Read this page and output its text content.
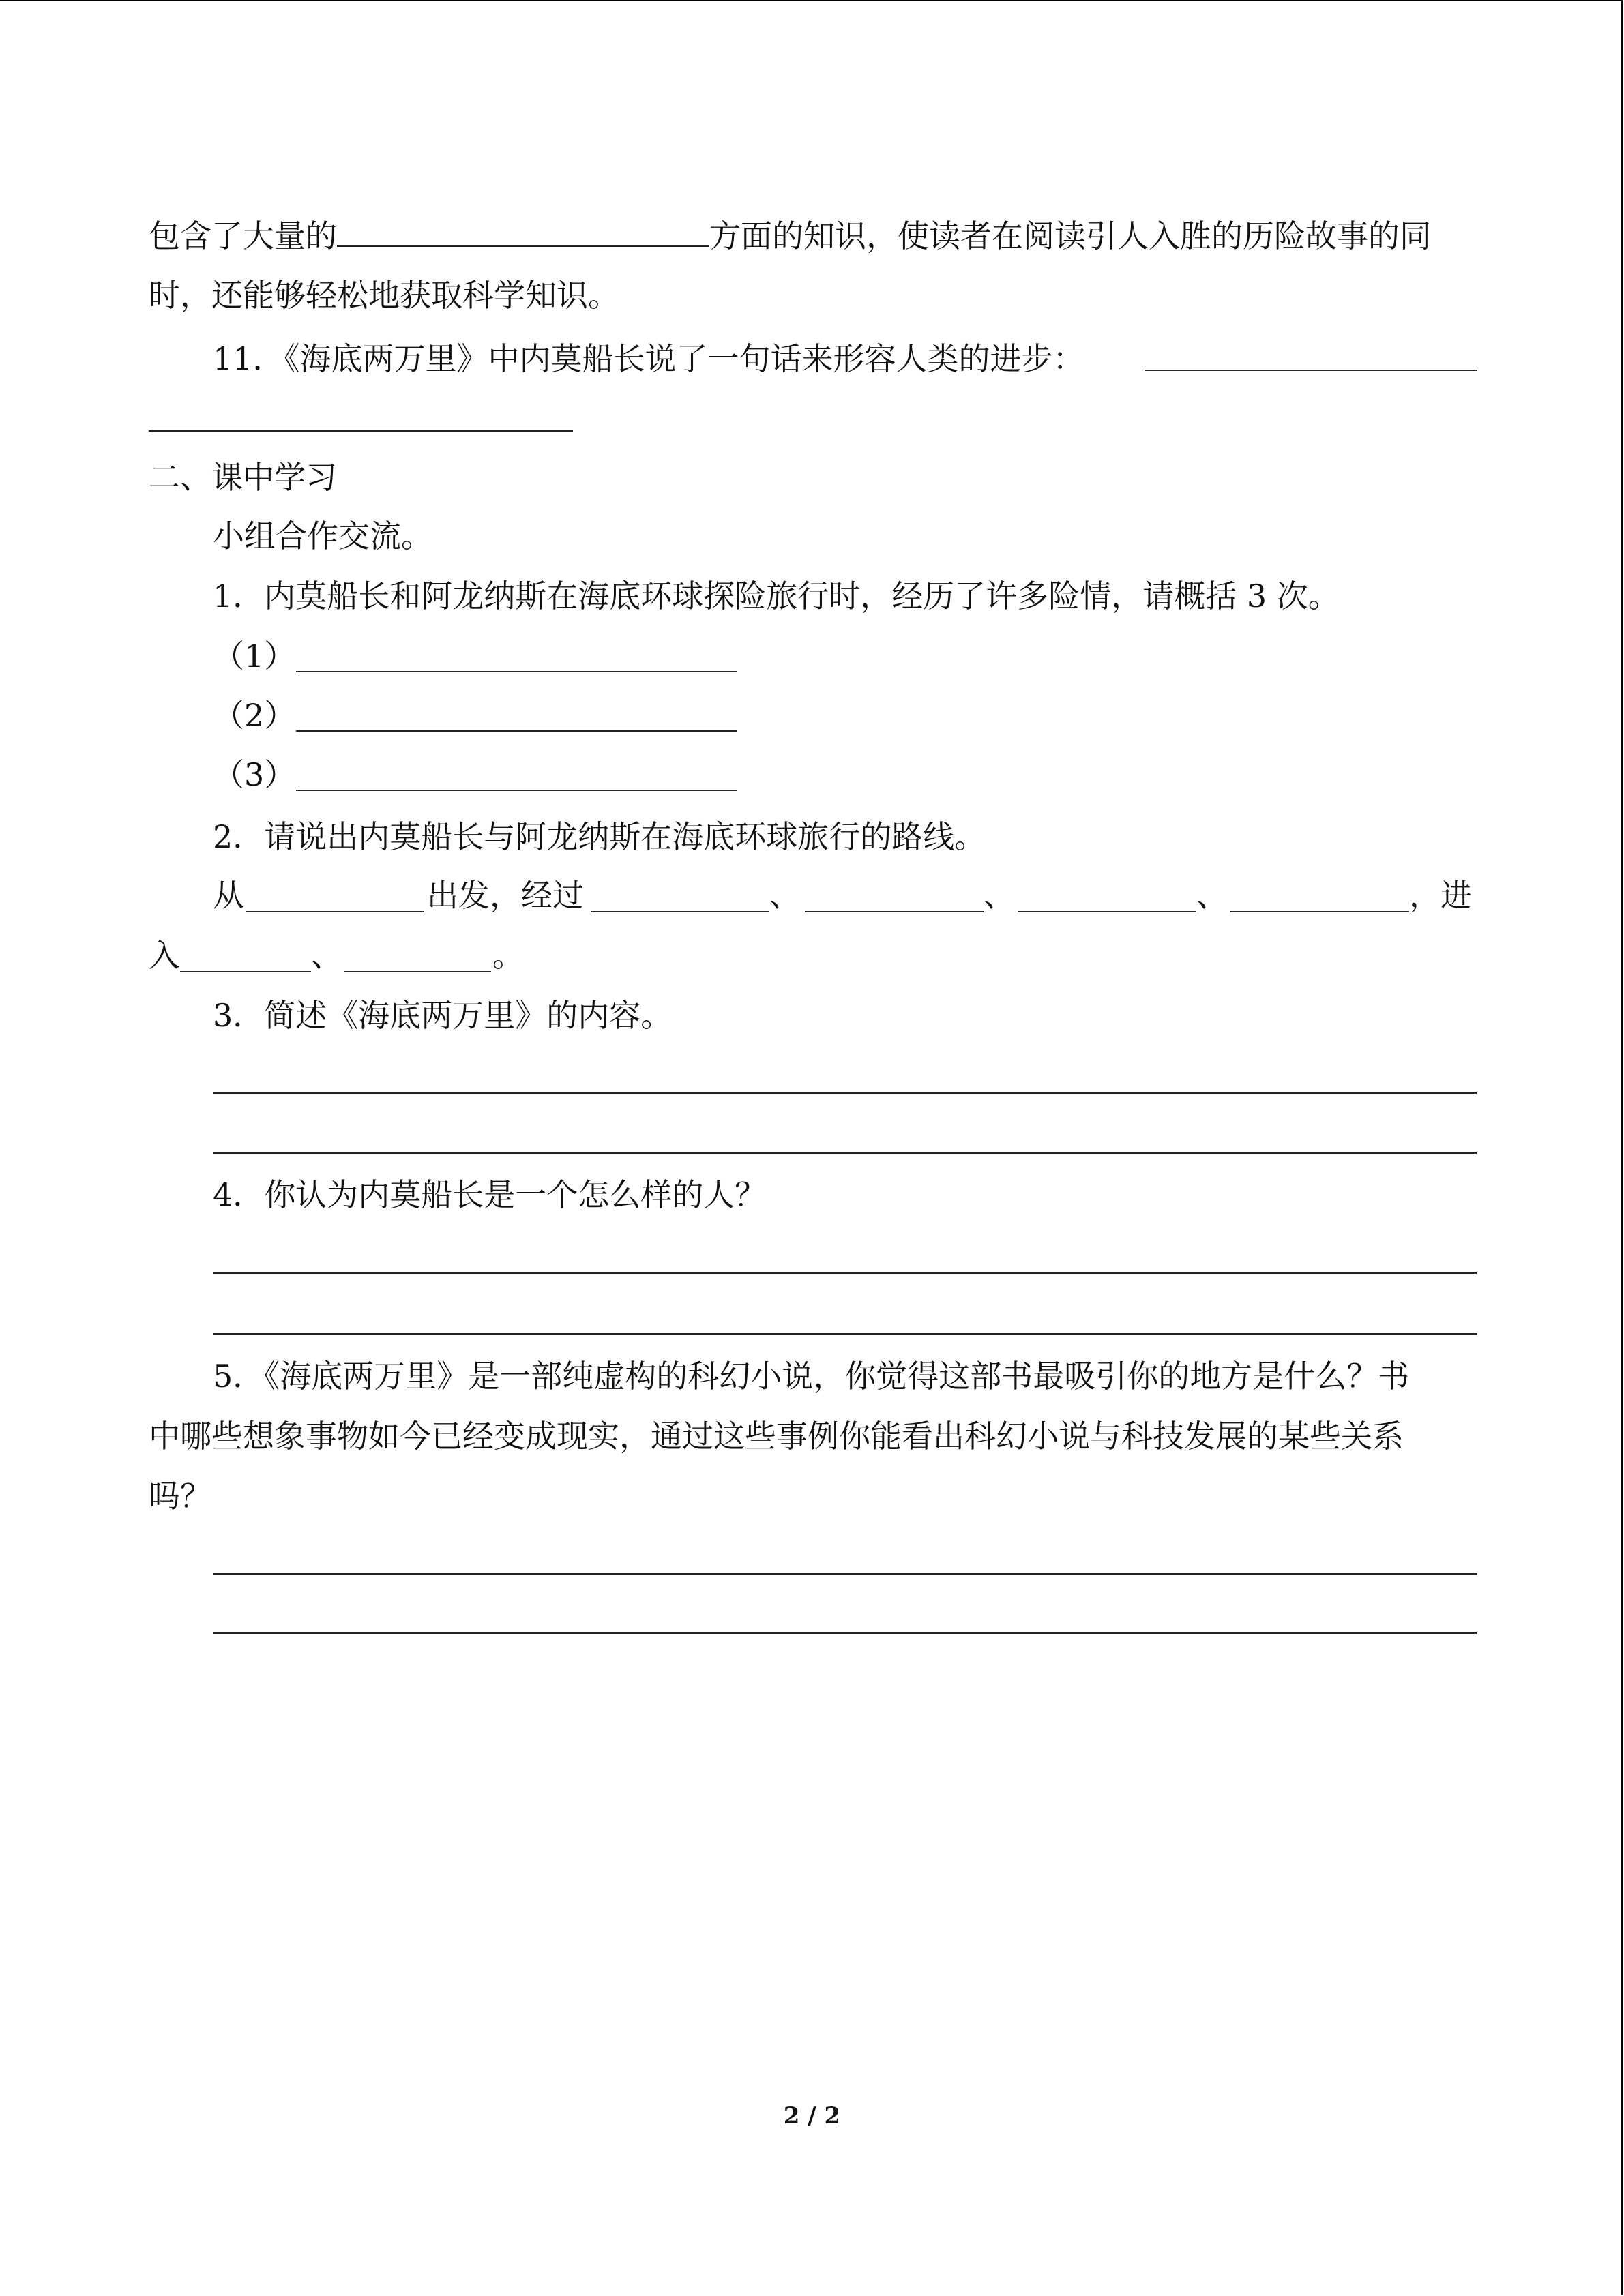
包含了大量的	方面的知识，使读者在阅读引人入胜的历险故事的同
时，还能够轻松地获取科学知识。
11．《海底两万里》中内莫船长说了一句话来形容人类的进步：
二、课中学习
小组合作交流。
1．内莫船长和阿龙纳斯在海底环球探险旅行时，经历了许多险情，请概括 3 次。
（1）
（2）
（3）
2．请说出内莫船长与阿龙纳斯在海底环球旅行的路线。
从	出发，经过	、	、	、	，进
入	、	。
3．简述《海底两万里》的内容。
4．你认为内莫船长是一个怎么样的人？
5．《海底两万里》是一部纯虚构的科幻小说，你觉得这部书最吸引你的地方是什么？书
中哪些想象事物如今已经变成现实，通过这些事例你能看出科幻小说与科技发展的某些关系
吗？
2 / 2
